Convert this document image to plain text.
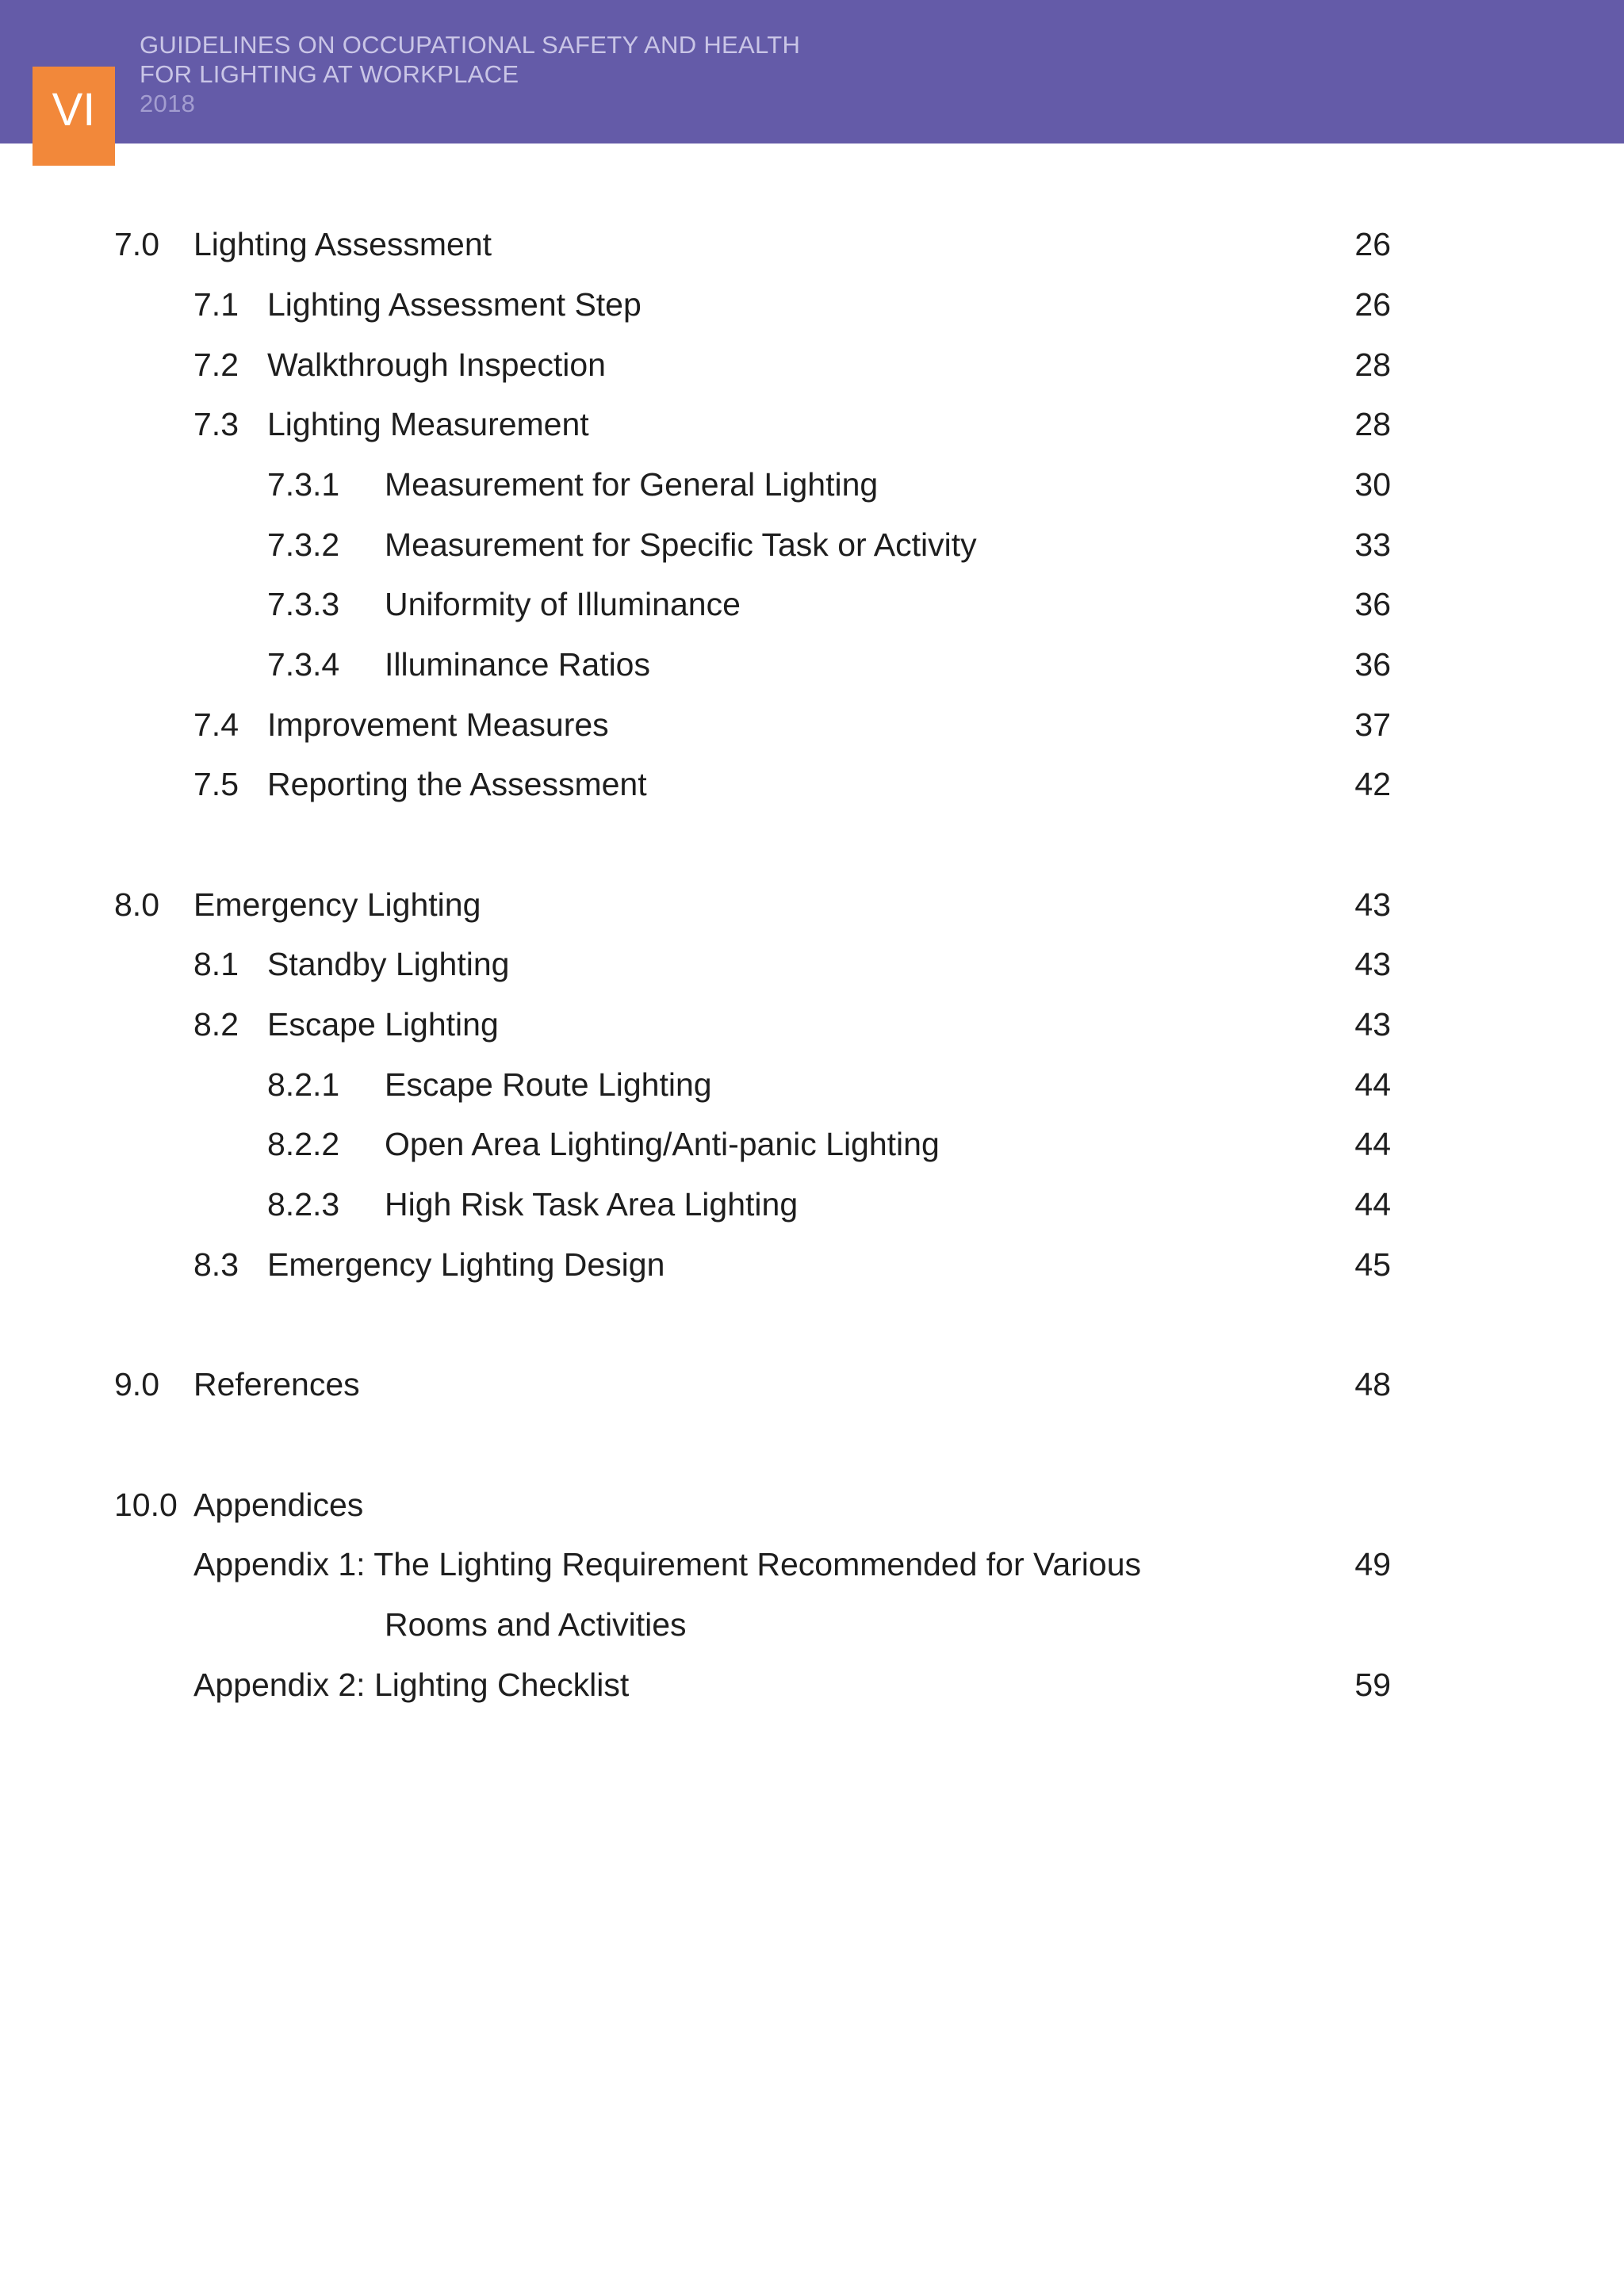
VI
GUIDELINES ON OCCUPATIONAL SAFETY AND HEALTH
FOR LIGHTING AT WORKPLACE
2018
7.0 Lighting Assessment
7.1 Lighting Assessment Step
7.2 Walkthrough Inspection
7.3 Lighting Measurement
7.3.1 Measurement for General Lighting
7.3.2 Measurement for Specific Task or Activity
7.3.3 Uniformity of Illuminance
7.3.4 Illuminance Ratios
7.4 Improvement Measures
7.5 Reporting the Assessment
8.0 Emergency Lighting
8.1 Standby Lighting
8.2 Escape Lighting
8.2.1 Escape Route Lighting
8.2.2 Open Area Lighting/Anti-panic Lighting
8.2.3 High Risk Task Area Lighting
8.3 Emergency Lighting Design
9.0 References
10.0 Appendices
Appendix 1: The Lighting Requirement Recommended for Various
Rooms and Activities
Appendix 2: Lighting Checklist
26
26
28
28
30
33
36
36
37
42
43
43
43
44
44
44
45
48
49
59
